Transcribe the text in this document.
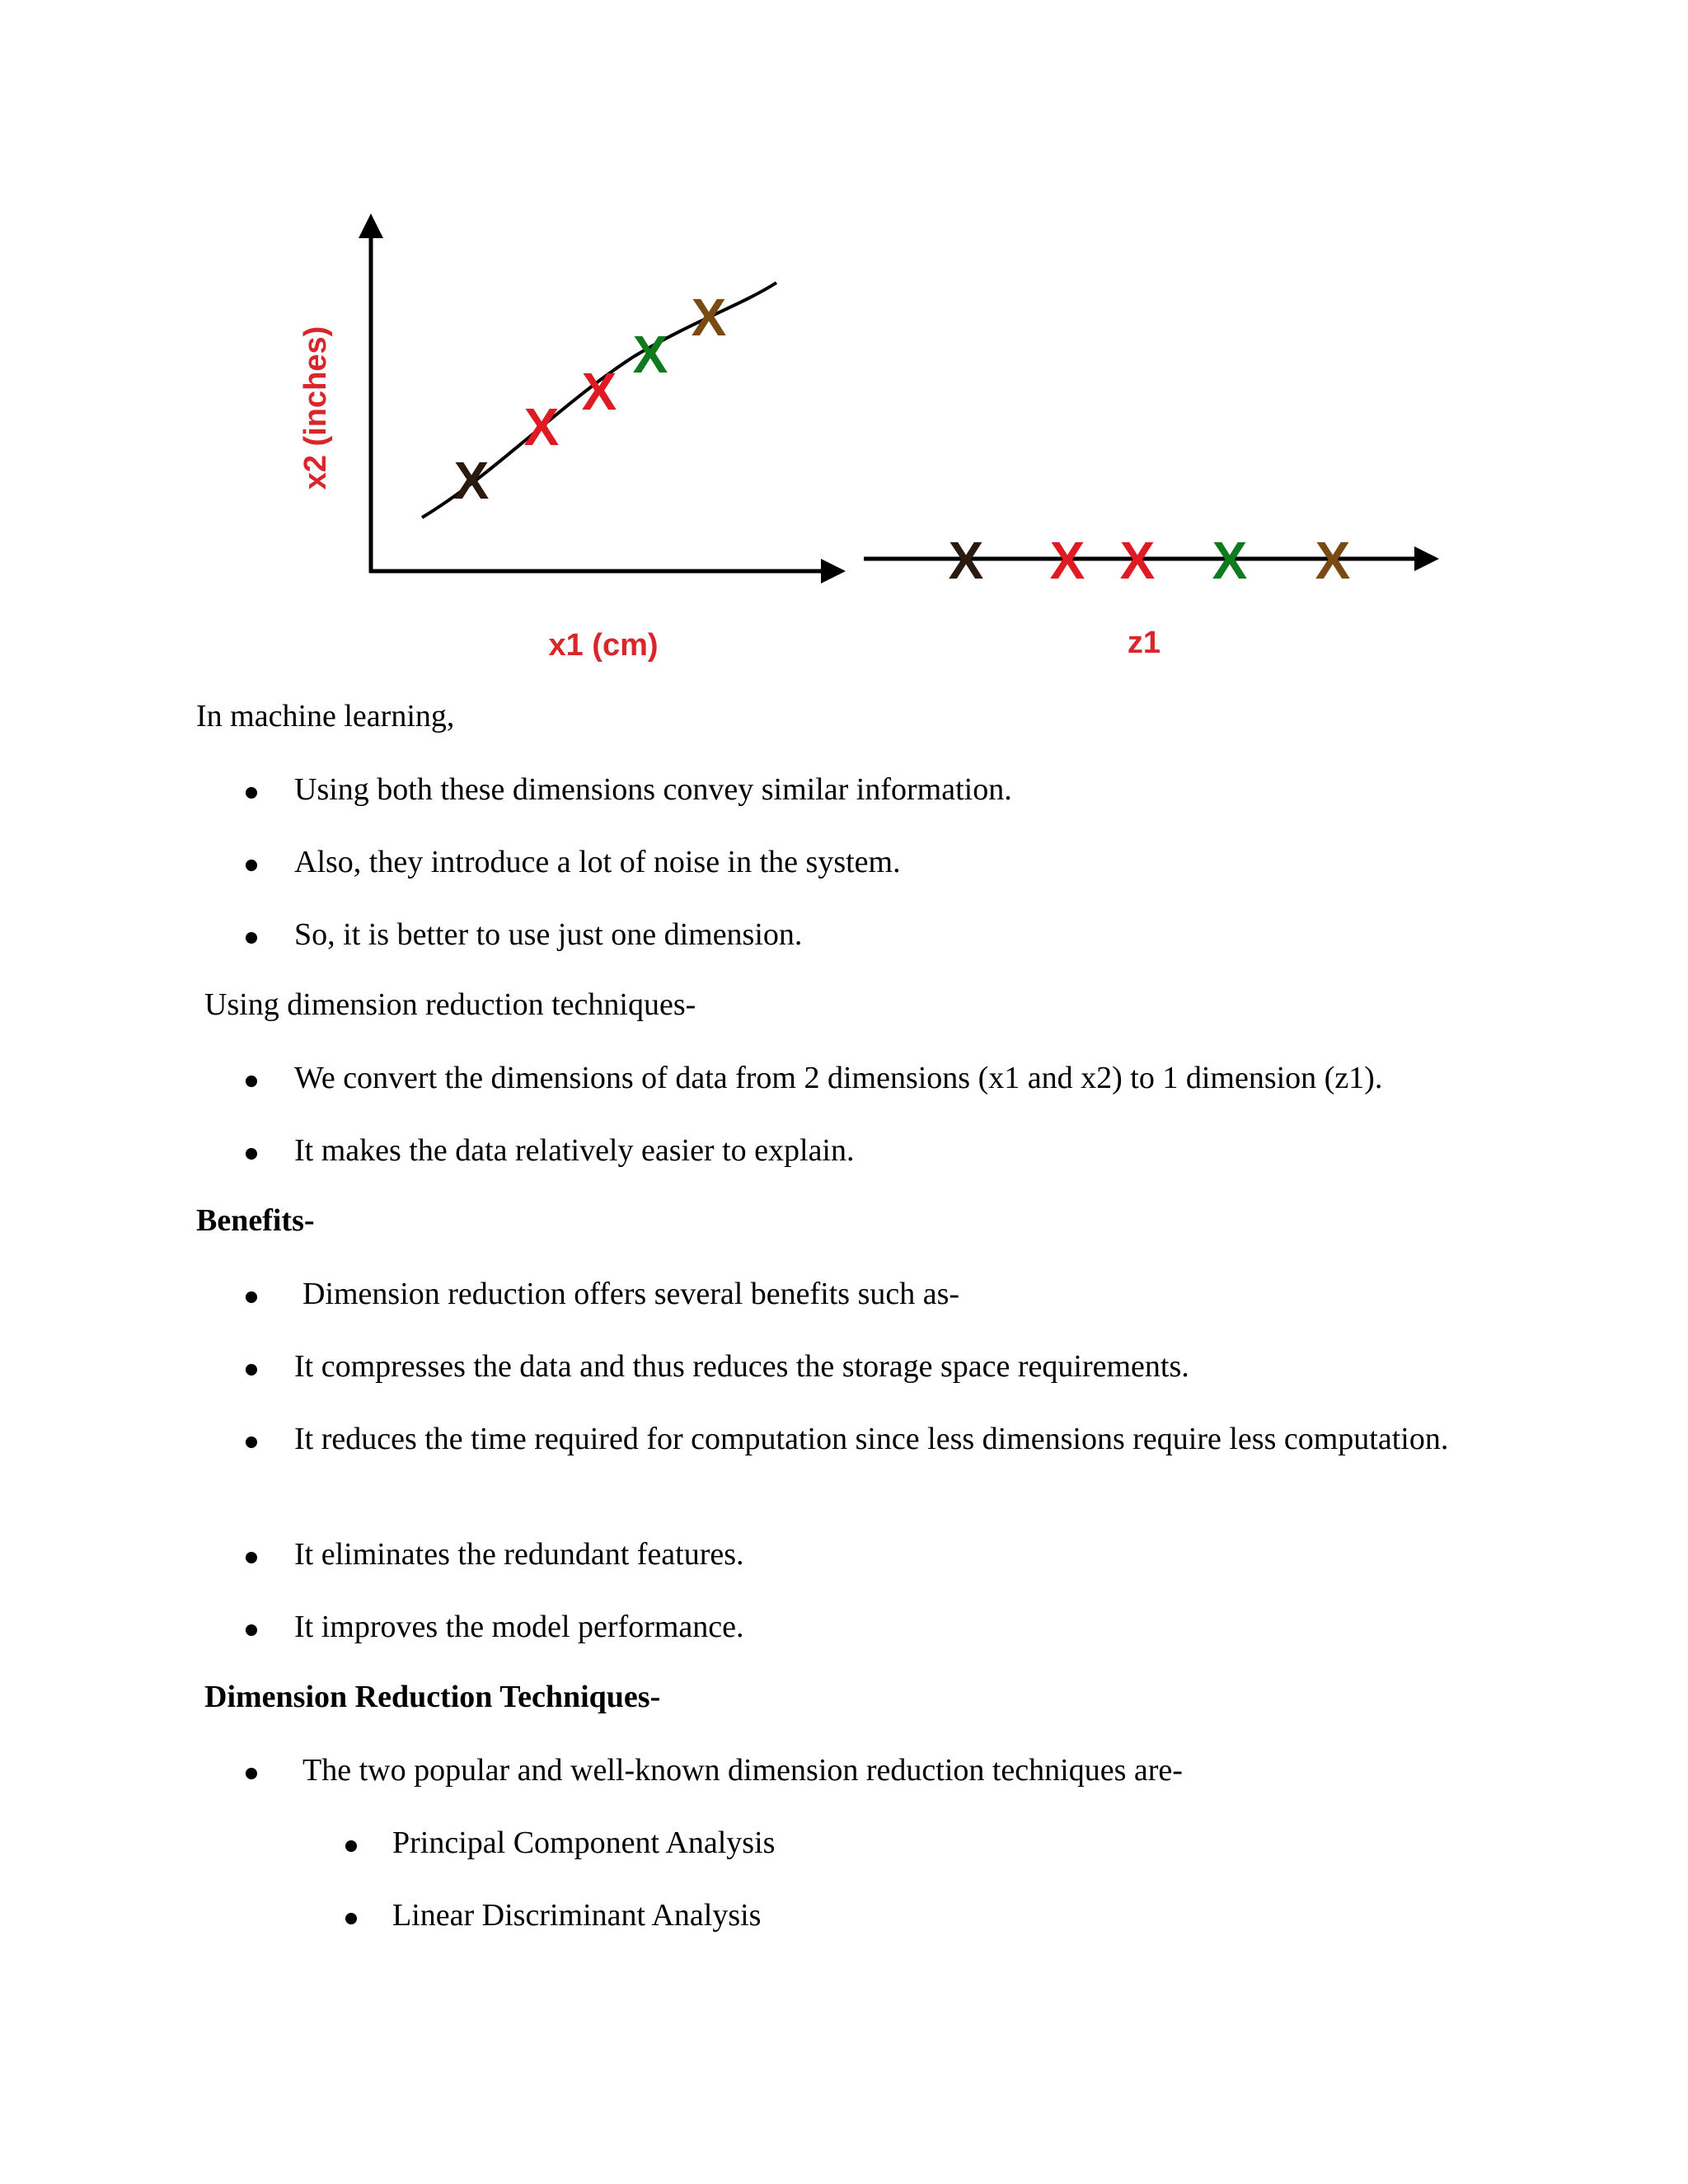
X
X
X
X
X
x1 (cm)
x2 (inches)
X X X X X
z1
In machine learning,
Using both these dimensions convey similar information.
Also, they introduce a lot of noise in the system.
So, it is better to use just one dimension.
Using dimension reduction techniques-
We convert the dimensions of data from 2 dimensions (x1 and x2) to 1 dimension (z1).
It makes the data relatively easier to explain.
Benefits-
Dimension reduction offers several benefits such as-
It compresses the data and thus reduces the storage space requirements.
It reduces the time required for computation since less dimensions require less computation.
It eliminates the redundant features.
It improves the model performance.
Dimension Reduction Techniques-
The two popular and well-known dimension reduction techniques are-
Principal Component Analysis
Linear Discriminant Analysis
